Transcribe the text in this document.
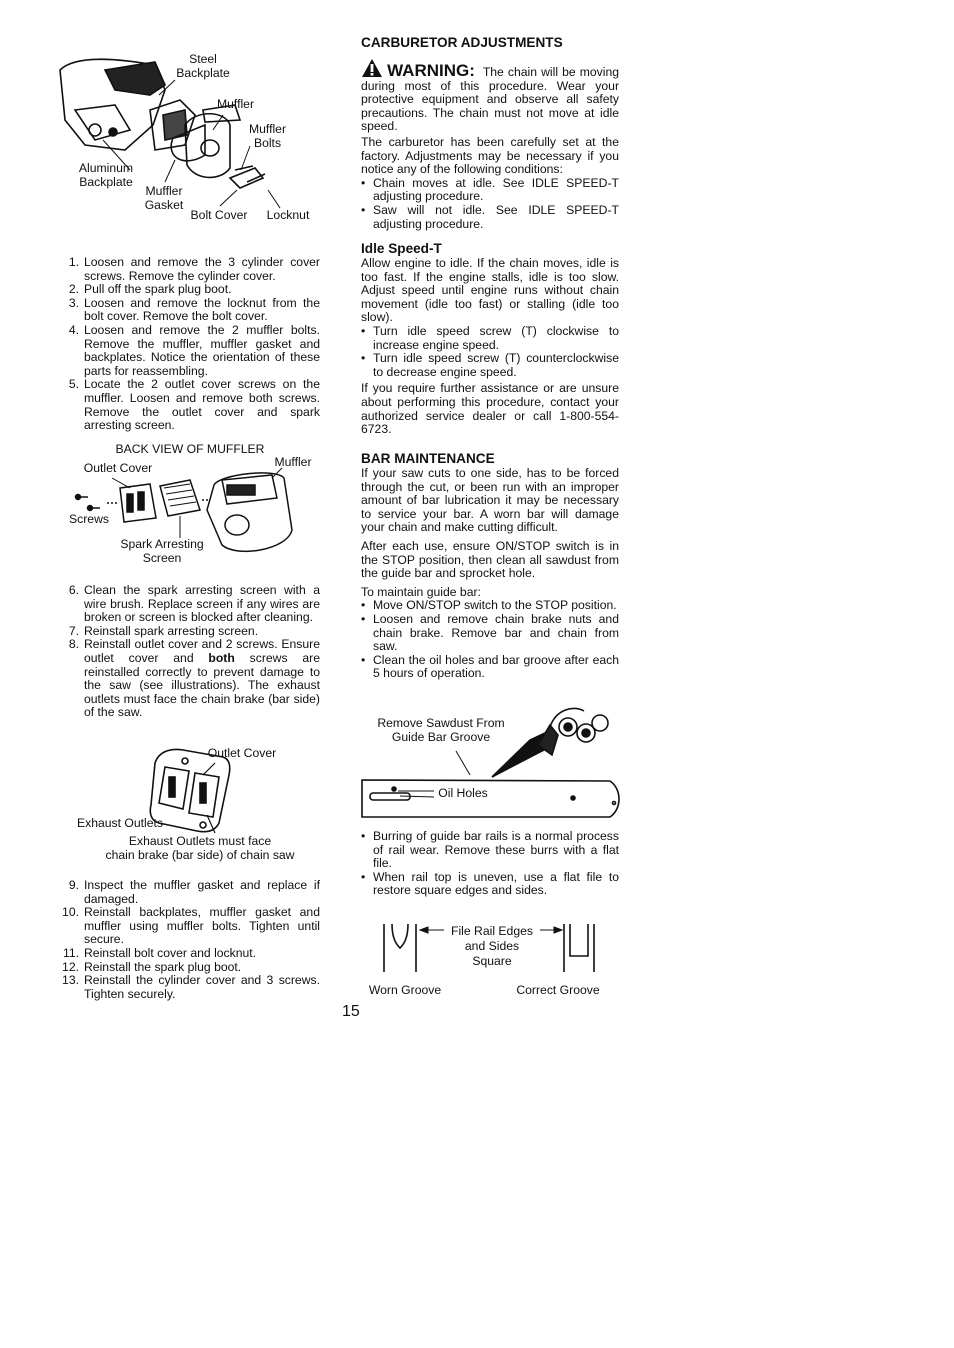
Steel
Backplate
Muffler
Muffler
Bolts
Aluminum
Backplate
Muffler
Gasket
Bolt Cover	Locknut
1. Loosen and remove the 3 cylinder cover screws. Remove the cylinder cover.
2. Pull off the spark plug boot.
3. Loosen and remove the locknut from the bolt cover. Remove the bolt cover.
4. Loosen and remove the 2 muffler bolts. Remove the muffler, muffler gasket and backplates. Notice the orientation of these parts for reassembling.
5. Locate the 2 outlet cover screws on the muffler. Loosen and remove both screws. Remove the outlet cover and spark arresting screen.
BACK VIEW OF MUFFLER
Outlet Cover	Muffler
Screws
Spark Arresting
Screen
6. Clean the spark arresting screen with a wire brush. Replace screen if any wires are broken or screen is blocked after cleaning.
7. Reinstall spark arresting screen.
8. Reinstall outlet cover and 2 screws. Ensure outlet cover and both screws are reinstalled correctly to prevent damage to the saw (see illustrations). The exhaust outlets must face the chain brake (bar side) of the saw.
Outlet Cover
Exhaust Outlets
Exhaust Outlets must face
chain brake (bar side) of chain saw
9. Inspect the muffler gasket and replace if damaged.
10. Reinstall backplates, muffler gasket and muffler using muffler bolts. Tighten until secure.
11. Reinstall bolt cover and locknut.
12. Reinstall the spark plug boot.
13. Reinstall the cylinder cover and 3 screws. Tighten securely.
CARBURETOR ADJUSTMENTS

WARNING: The chain will be moving during most of this procedure. Wear your protective equipment and observe all safety precautions. The chain must not move at idle speed.

The carburetor has been carefully set at the factory. Adjustments may be necessary if you notice any of the following conditions:

• Chain moves at idle. See IDLE SPEED-T adjusting procedure.
• Saw will not idle. See IDLE SPEED-T adjusting procedure.
Idle Speed-T

Allow engine to idle. If the chain moves, idle is too fast. If the engine stalls, idle is too slow. Adjust speed until engine runs without chain movement (idle too fast) or stalling (idle too slow).

• Turn idle speed screw (T) clockwise to increase engine speed.
• Turn idle speed screw (T) counterclockwise to decrease engine speed.

If you require further assistance or are unsure about performing this procedure, contact your authorized service dealer or call 1-800-554-6723.

BAR MAINTENANCE

If your saw cuts to one side, has to be forced through the cut, or been run with an improper amount of bar lubrication it may be necessary to service your bar. A worn bar will damage your chain and make cutting difficult.

After each use, ensure ON/STOP switch is in the STOP position, then clean all sawdust from the guide bar and sprocket hole.

To maintain guide bar:

• Move ON/STOP switch to the STOP position.
• Loosen and remove chain brake nuts and chain brake. Remove bar and chain from saw.
• Clean the oil holes and bar groove after each 5 hours of operation.
Remove Sawdust From
Guide Bar Groove
Oil Holes
• Burring of guide bar rails is a normal process of rail wear. Remove these burrs with a flat file.
• When rail top is uneven, use a flat file to restore square edges and sides.
File Rail Edges
and Sides
Square
Worn Groove	Correct Groove
15
